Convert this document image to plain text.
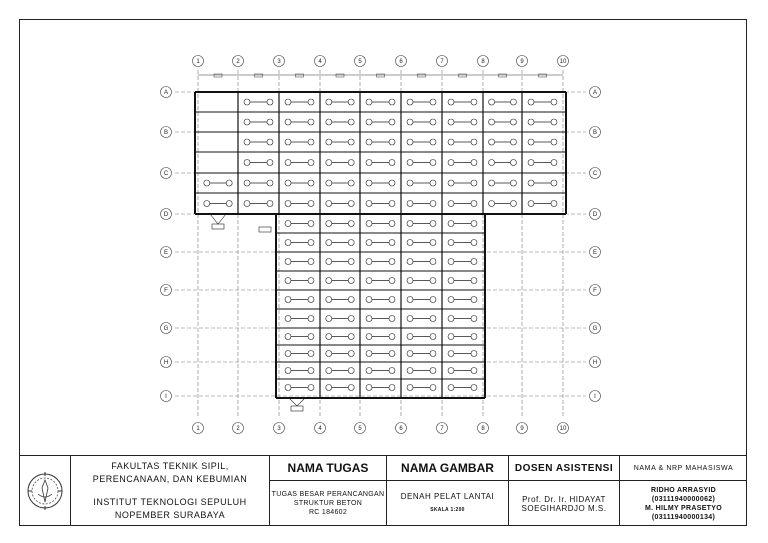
1
1
2
2
3
3
4
4
5
5
6
6
7
7
8
8
9
9
10
10
A	A
B	B
C	C
D	D
E	E
F	F
G	G
H	H
I	I
FAKULTAS TEKNIK SIPIL,
PERENCANAAN, DAN KEBUMIAN
INSTITUT TEKNOLOGI SEPULUH
NOPEMBER SURABAYA
NAMA TUGAS
TUGAS BESAR PERANCANGAN
STRUKTUR BETON
RC 184602
NAMA GAMBAR
DENAH PELAT LANTAI
SKALA 1:200
DOSEN ASISTENSI
Prof. Dr. Ir. HIDAYAT
SOEGIHARDJO M.S.
NAMA & NRP MAHASISWA
RIDHO ARRASYID
(03111940000062)
M. HILMY PRASETYO
(03111940000134)
